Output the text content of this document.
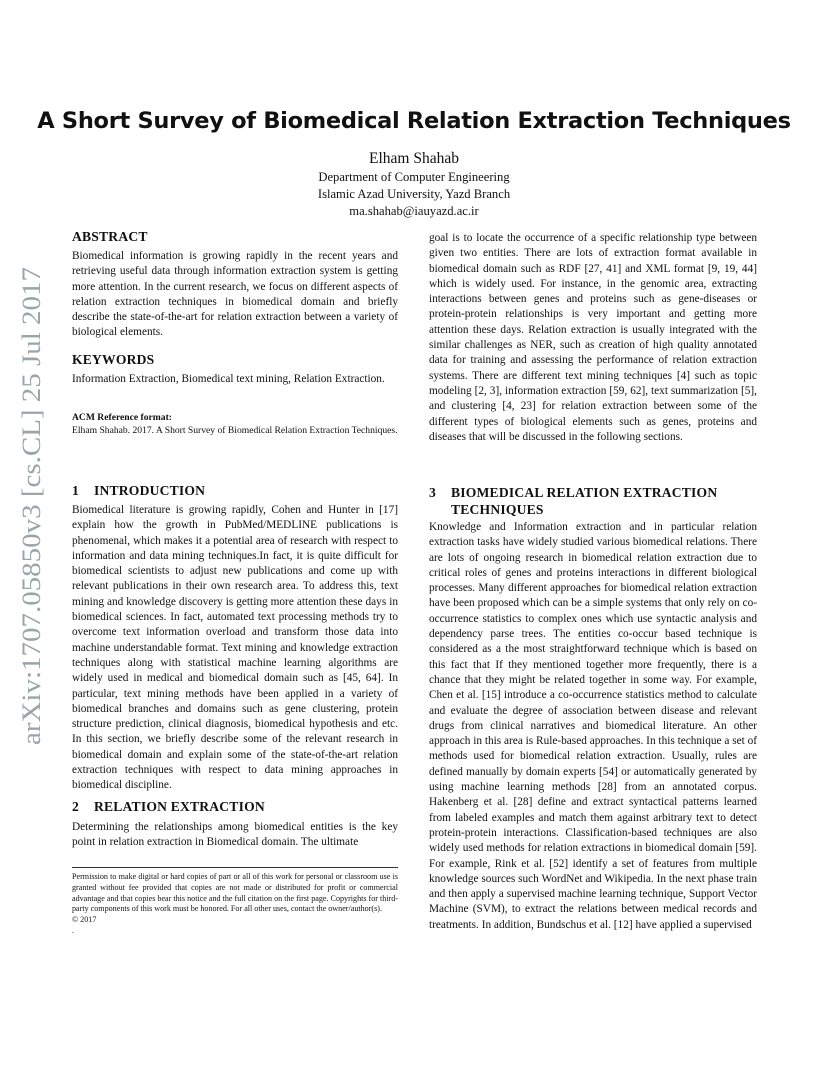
arXiv:1707.05850v3 [cs.CL] 25 Jul 2017
A Short Survey of Biomedical Relation Extraction Techniques
Elham Shahab
Department of Computer Engineering
Islamic Azad University, Yazd Branch
ma.shahab@iauyazd.ac.ir
ABSTRACT

Biomedical information is growing rapidly in the recent years and retrieving useful data through information extraction system is getting more attention. In the current research, we focus on different aspects of relation extraction techniques in biomedical domain and briefly describe the state-of-the-art for relation extraction between a variety of biological elements.

KEYWORDS

Information Extraction, Biomedical text mining, Relation Extraction.

ACM Reference format:

Elham Shahab. 2017. A Short Survey of Biomedical Relation Extraction Techniques.

1 INTRODUCTION

Biomedical literature is growing rapidly, Cohen and Hunter in [17] explain how the growth in PubMed/MEDLINE publications is phenomenal, which makes it a potential area of research with respect to information and data mining techniques.In fact, it is quite difficult for biomedical scientists to adjust new publications and come up with relevant publications in their own research area. To address this, text mining and knowledge discovery is getting more attention these days in biomedical sciences. In fact, automated text processing methods try to overcome text information overload and transform those data into machine understandable format. Text mining and knowledge extraction techniques along with statistical machine learning algorithms are widely used in medical and biomedical domain such as [45, 64]. In particular, text mining methods have been applied in a variety of biomedical branches and domains such as gene clustering, protein structure prediction, clinical diagnosis, biomedical hypothesis and etc. In this section, we briefly describe some of the relevant research in biomedical domain and explain some of the state-of-the-art relation extraction techniques with respect to data mining approaches in biomedical discipline.

2 RELATION EXTRACTION

Determining the relationships among biomedical entities is the key point in relation extraction in Biomedical domain. The ultimate

Permission to make digital or hard copies of part or all of this work for personal or classroom use is granted without fee provided that copies are not made or distributed for profit or commercial advantage and that copies bear this notice and the full citation on the first page. Copyrights for third-party components of this work must be honored. For all other uses, contact the owner/author(s).

© 2017

.

goal is to locate the occurrence of a specific relationship type between given two entities. There are lots of extraction format available in biomedical domain such as RDF [27, 41] and XML format [9, 19, 44] which is widely used. For instance, in the genomic area, extracting interactions between genes and proteins such as gene-diseases or protein-protein relationships is very important and getting more attention these days. Relation extraction is usually integrated with the similar challenges as NER, such as creation of high quality annotated data for training and assessing the performance of relation extraction systems. There are different text mining techniques [4] such as topic modeling [2, 3], information extraction [59, 62], text summarization [5], and clustering [4, 23] for relation extraction between some of the different types of biological elements such as genes, proteins and diseases that will be discussed in the following sections.

3 BIOMEDICAL RELATION EXTRACTION
TECHNIQUES

Knowledge and Information extraction and in particular relation extraction tasks have widely studied various biomedical relations. There are lots of ongoing research in biomedical relation extraction due to critical roles of genes and proteins interactions in different biological processes. Many different approaches for biomedical relation extraction have been proposed which can be a simple systems that only rely on co-occurrence statistics to complex ones which use syntactic analysis and dependency parse trees. The entities co-occur based technique is considered as a the most straightforward technique which is based on this fact that If they mentioned together more frequently, there is a chance that they might be related together in some way. For example, Chen et al. [15] introduce a co-occurrence statistics method to calculate and evaluate the degree of association between disease and relevant drugs from clinical narratives and biomedical literature. An other approach in this area is Rule-based approaches. In this technique a set of methods used for biomedical relation extraction. Usually, rules are defined manually by domain experts [54] or automatically generated by using machine learning methods [28] from an annotated corpus. Hakenberg et al. [28] define and extract syntactical patterns learned from labeled examples and match them against arbitrary text to detect protein-protein interactions. Classification-based techniques are also widely used methods for relation extractions in biomedical domain [59]. For example, Rink et al. [52] identify a set of features from multiple knowledge sources such WordNet and Wikipedia. In the next phase train and then apply a supervised machine learning technique, Support Vector Machine (SVM), to extract the relations between medical records and treatments. In addition, Bundschus et al. [12] have applied a supervised
